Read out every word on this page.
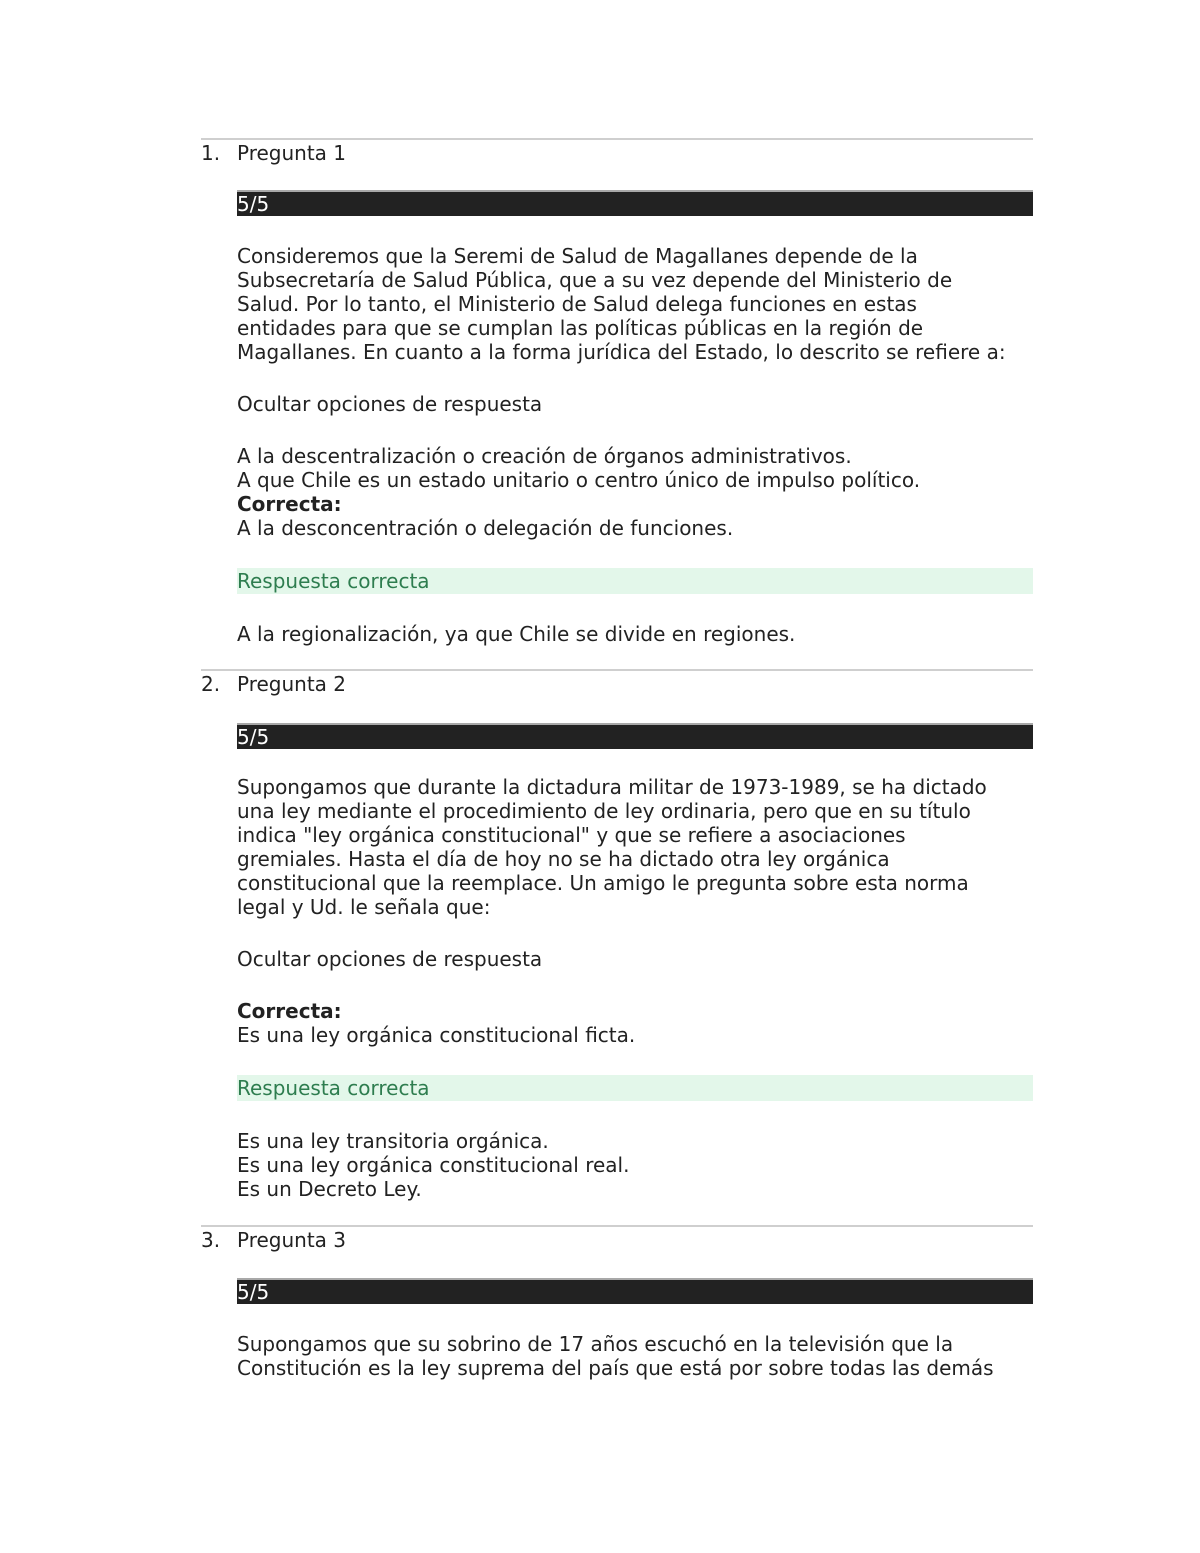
1. Pregunta 1
5/5

Consideremos que la Seremi de Salud de Magallanes depende de la
Subsecretaría de Salud Pública, que a su vez depende del Ministerio de
Salud. Por lo tanto, el Ministerio de Salud delega funciones en estas
entidades para que se cumplan las políticas públicas en la región de
Magallanes. En cuanto a la forma jurídica del Estado, lo descrito se refiere a:

Ocultar opciones de respuesta
A la descentralización o creación de órganos administrativos.
A que Chile es un estado unitario o centro único de impulso político.
Correcta:
A la desconcentración o delegación de funciones.
Respuesta correcta
A la regionalización, ya que Chile se divide en regiones.
2. Pregunta 2
5/5

Supongamos que durante la dictadura militar de 1973-1989, se ha dictado
una ley mediante el procedimiento de ley ordinaria, pero que en su título
indica "ley orgánica constitucional" y que se refiere a asociaciones
gremiales. Hasta el día de hoy no se ha dictado otra ley orgánica
constitucional que la reemplace. Un amigo le pregunta sobre esta norma
legal y Ud. le señala que:

Ocultar opciones de respuesta
Correcta:
Es una ley orgánica constitucional ficta.
Respuesta correcta
Es una ley transitoria orgánica.
Es una ley orgánica constitucional real.
Es un Decreto Ley.
3. Pregunta 3
5/5

Supongamos que su sobrino de 17 años escuchó en la televisión que la
Constitución es la ley suprema del país que está por sobre todas las demás
